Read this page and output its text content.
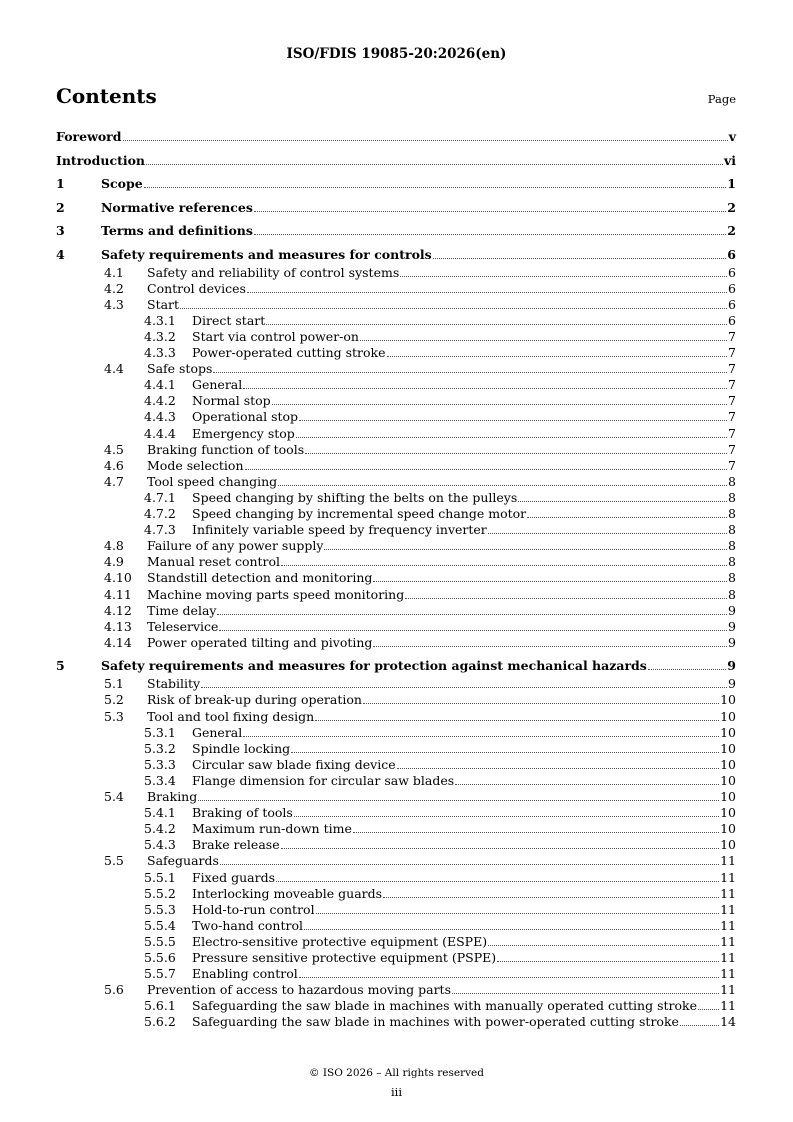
ISO/FDIS 19085-20:2026(en)
Contents	Page
Foreword	v
Introduction	vi
1	Scope	1
2	Normative references	2
3	Terms and definitions	2
4	Safety requirements and measures for controls	6
4.1 Safety and reliability of control systems	6
4.2 Control devices	6
4.3 Start	6
4.3.1 Direct start	6
4.3.2 Start via control power-on	7
4.3.3 Power-operated cutting stroke	7
4.4 Safe stops	7
4.4.1 General	7
4.4.2 Normal stop	7
4.4.3 Operational stop	7
4.4.4 Emergency stop	7
4.5 Braking function of tools	7
4.6 Mode selection	7
4.7 Tool speed changing	8
4.7.1 Speed changing by shifting the belts on the pulleys	8
4.7.2 Speed changing by incremental speed change motor	8
4.7.3 Infinitely variable speed by frequency inverter	8
4.8 Failure of any power supply	8
4.9 Manual reset control	8
4.10 Standstill detection and monitoring	8
4.11 Machine moving parts speed monitoring	8
4.12 Time delay	9
4.13 Teleservice	9
4.14 Power operated tilting and pivoting	9
5	Safety requirements and measures for protection against mechanical hazards	9
5.1 Stability	9
5.2 Risk of break-up during operation	10
5.3 Tool and tool fixing design	10
5.3.1 General	10
5.3.2 Spindle locking	10
5.3.3 Circular saw blade fixing device	10
5.3.4 Flange dimension for circular saw blades	10
5.4 Braking	10
5.4.1 Braking of tools	10
5.4.2 Maximum run-down time	10
5.4.3 Brake release	10
5.5 Safeguards	11
5.5.1 Fixed guards	11
5.5.2 Interlocking moveable guards	11
5.5.3 Hold-to-run control	11
5.5.4 Two-hand control	11
5.5.5 Electro-sensitive protective equipment (ESPE)	11
5.5.6 Pressure sensitive protective equipment (PSPE)	11
5.5.7 Enabling control	11
5.6 Prevention of access to hazardous moving parts	11
5.6.1 Safeguarding the saw blade in machines with manually operated cutting stroke 11
5.6.2 Safeguarding the saw blade in machines with power-operated cutting stroke	14
© ISO 2026 – All rights reserved
iii
